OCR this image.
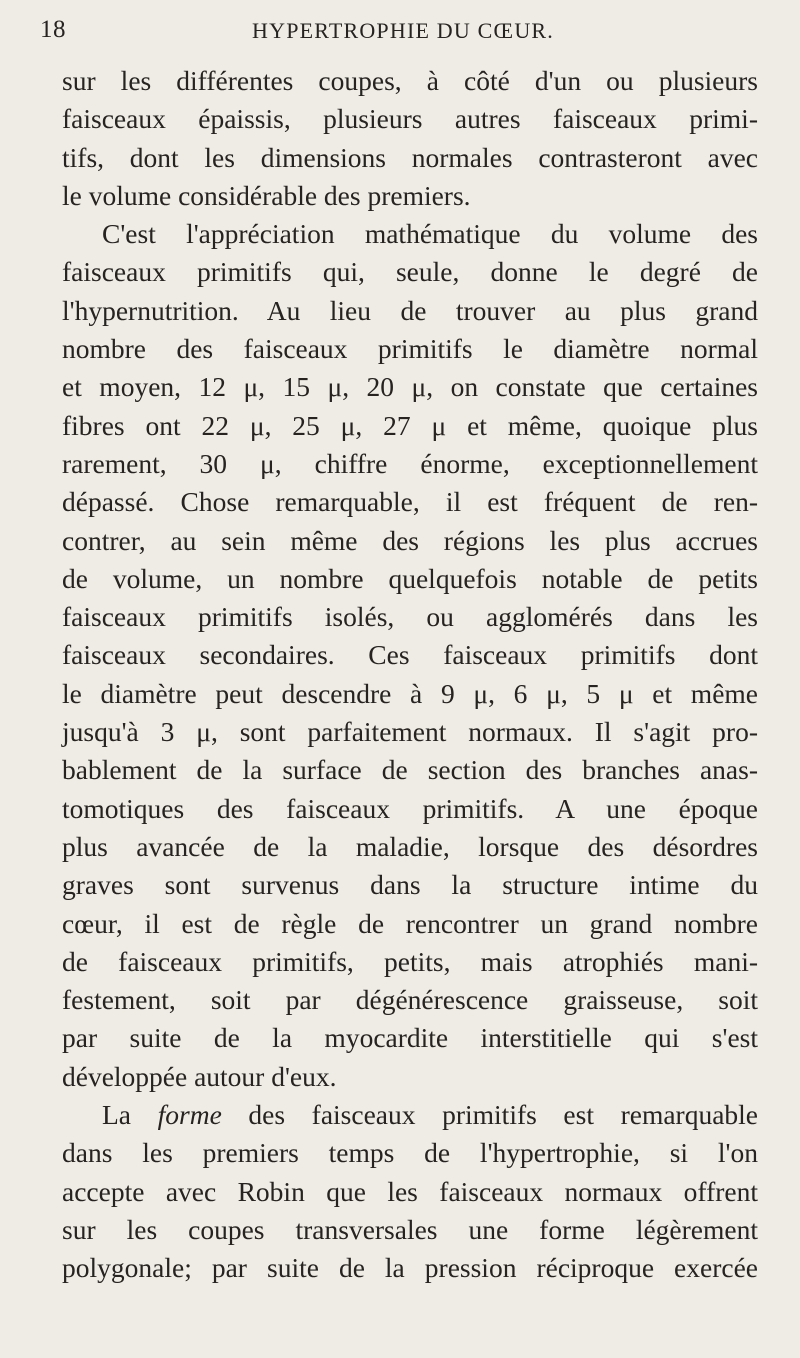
18	HYPERTROPHIE DU CŒUR.
sur les différentes coupes, à côté d'un ou plusieurs
faisceaux épaissis, plusieurs autres faisceaux primi-
tifs, dont les dimensions normales contrasteront avec
le volume considérable des premiers.
C'est l'appréciation mathématique du volume des
faisceaux primitifs qui, seule, donne le degré de
l'hypernutrition. Au lieu de trouver au plus grand
nombre des faisceaux primitifs le diamètre normal
et moyen, 12 μ, 15 μ, 20 μ, on constate que certaines
fibres ont 22 μ, 25 μ, 27 μ et même, quoique plus
rarement, 30 μ, chiffre énorme, exceptionnellement
dépassé. Chose remarquable, il est fréquent de ren-
contrer, au sein même des régions les plus accrues
de volume, un nombre quelquefois notable de petits
faisceaux primitifs isolés, ou agglomérés dans les
faisceaux secondaires. Ces faisceaux primitifs dont
le diamètre peut descendre à 9 μ, 6 μ, 5 μ et même
jusqu'à 3 μ, sont parfaitement normaux. Il s'agit pro-
bablement de la surface de section des branches anas-
tomotiques des faisceaux primitifs. A une époque
plus avancée de la maladie, lorsque des désordres
graves sont survenus dans la structure intime du
cœur, il est de règle de rencontrer un grand nombre
de faisceaux primitifs, petits, mais atrophiés mani-
festement, soit par dégénérescence graisseuse, soit
par suite de la myocardite interstitielle qui s'est
développée autour d'eux.
La forme des faisceaux primitifs est remarquable
dans les premiers temps de l'hypertrophie, si l'on
accepte avec Robin que les faisceaux normaux offrent
sur les coupes transversales une forme légèrement
polygonale; par suite de la pression réciproque exercée
